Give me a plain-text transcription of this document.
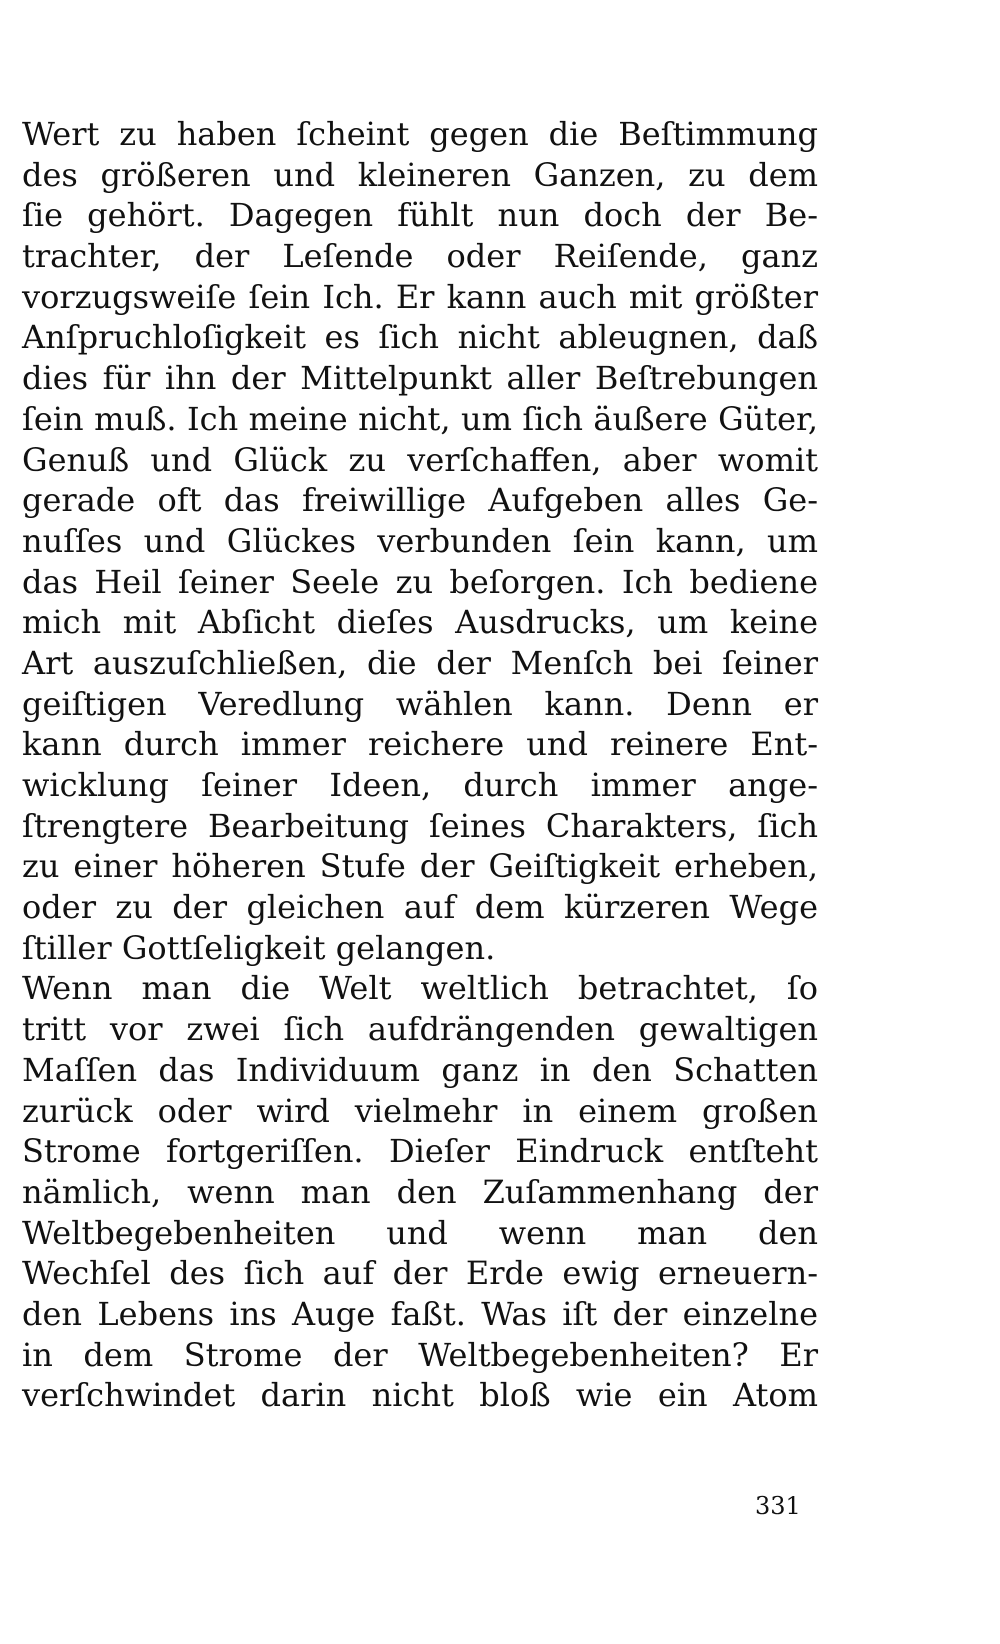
Wert zu haben ſcheint gegen die Beſtimmung
des größeren und kleineren Ganzen, zu dem
ſie gehört. Dagegen fühlt nun doch der Be-
trachter, der Leſende oder Reiſende, ganz
vorzugsweiſe ſein Ich. Er kann auch mit größter
Anſpruchloſigkeit es ſich nicht ableugnen, daß
dies für ihn der Mittelpunkt aller Beſtrebungen
ſein muß. Ich meine nicht, um ſich äußere Güter,
Genuß und Glück zu verſchaffen, aber womit
gerade oft das freiwillige Aufgeben alles Ge-
nuſſes und Glückes verbunden ſein kann, um
das Heil ſeiner Seele zu beſorgen. Ich bediene
mich mit Abſicht dieſes Ausdrucks, um keine
Art auszuſchließen, die der Menſch bei ſeiner
geiſtigen Veredlung wählen kann. Denn er
kann durch immer reichere und reinere Ent-
wicklung ſeiner Ideen, durch immer ange-
ſtrengtere Bearbeitung ſeines Charakters, ſich
zu einer höheren Stufe der Geiſtigkeit erheben,
oder zu der gleichen auf dem kürzeren Wege
ſtiller Gottſeligkeit gelangen.
Wenn man die Welt weltlich betrachtet, ſo
tritt vor zwei ſich aufdrängenden gewaltigen
Maſſen das Individuum ganz in den Schatten
zurück oder wird vielmehr in einem großen
Strome fortgeriſſen. Dieſer Eindruck entſteht
nämlich, wenn man den Zuſammenhang der
Weltbegebenheiten und wenn man den
Wechſel des ſich auf der Erde ewig erneuern-
den Lebens ins Auge faßt. Was iſt der einzelne
in dem Strome der Weltbegebenheiten? Er
verſchwindet darin nicht bloß wie ein Atom
331
